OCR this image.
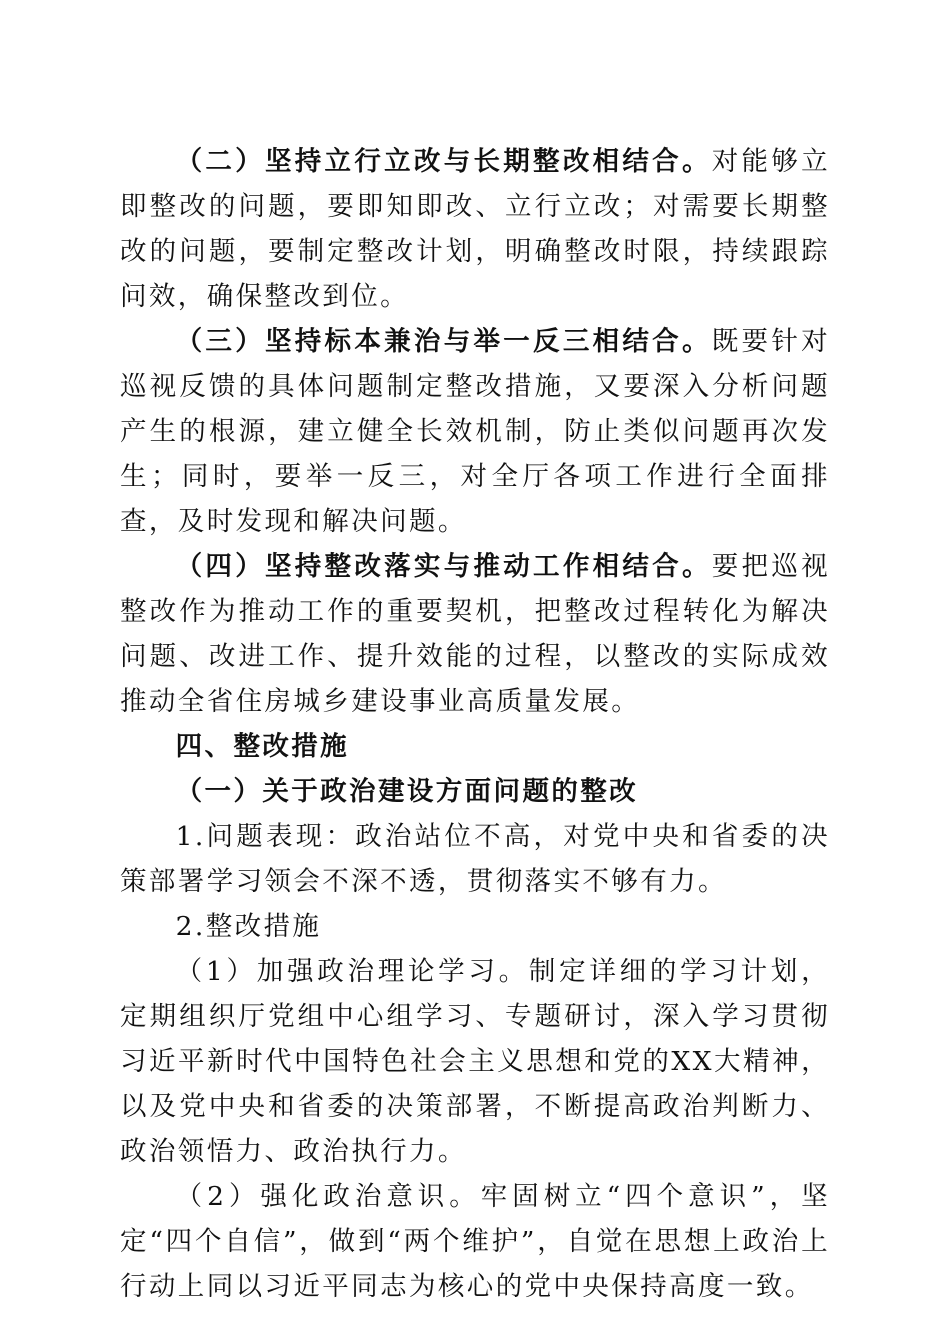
（二）坚持立行立改与长期整改相结合。对能够立即整改的问题，要即知即改、立行立改；对需要长期整改的问题，要制定整改计划，明确整改时限，持续跟踪问效，确保整改到位。

（三）坚持标本兼治与举一反三相结合。既要针对巡视反馈的具体问题制定整改措施，又要深入分析问题产生的根源，建立健全长效机制，防止类似问题再次发生；同时，要举一反三，对全厅各项工作进行全面排查，及时发现和解决问题。

（四）坚持整改落实与推动工作相结合。要把巡视整改作为推动工作的重要契机，把整改过程转化为解决问题、改进工作、提升效能的过程，以整改的实际成效推动全省住房城乡建设事业高质量发展。

四、整改措施

（一）关于政治建设方面问题的整改

1.问题表现：政治站位不高，对党中央和省委的决策部署学习领会不深不透，贯彻落实不够有力。

2.整改措施

（1）加强政治理论学习。制定详细的学习计划，定期组织厅党组中心组学习、专题研讨，深入学习贯彻习近平新时代中国特色社会主义思想和党的XX大精神，以及党中央和省委的决策部署，不断提高政治判断力、政治领悟力、政治执行力。

（2）强化政治意识。牢固树立“四个意识”，坚定“四个自信”，做到“两个维护”，自觉在思想上政治上行动上同以习近平同志为核心的党中央保持高度一致。
